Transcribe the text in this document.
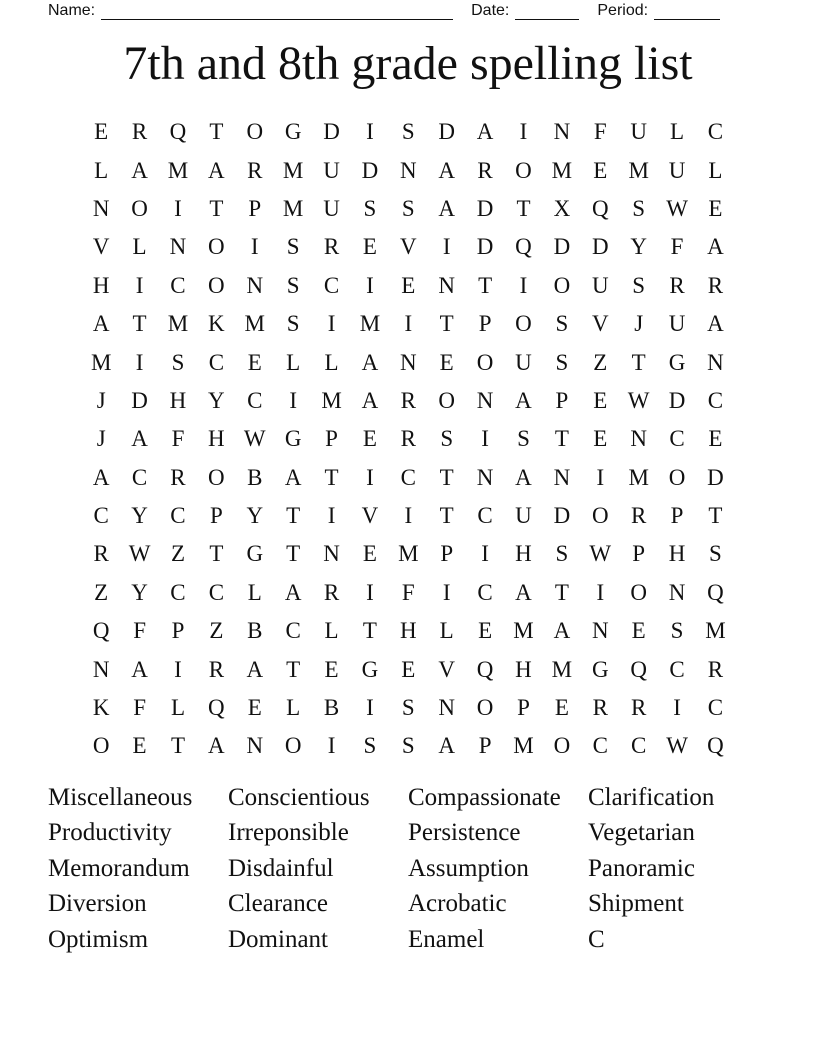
Name:	Date:	Period:
7th and 8th grade spelling list
E	R Q	T	O G D	I	S	D A	I	N	F	U	L	C
L	A M A R M U D N A R O M E M U	L
N O	I	T	P M U	S	S	A D	T	X Q	S W E
V	L	N O	I	S	R	E	V	I	D Q D D Y	F	A
H	I	C O N	S	C	I	E	N	T	I	O U	S	R	R
A	T M K M S	I	M	I	T	P	O	S	V	J	U A
M	I	S	C	E	L	L	A N	E	O U	S	Z	T	G N
J	D H Y C	I	M A R O N A	P	E W D C
J	A	F	H W G	P	E	R	S	I	S	T	E	N C	E
A C	R O B A	T	I	C	T	N A N	I	M O D
C Y C	P	Y	T	I	V	I	T	C U D O R	P	T
R W Z	T	G	T	N	E M P	I	H	S W P	H	S
Z	Y C	C	L	A R	I	F	I	C A	T	I	O N Q
Q	F	P	Z	B	C	L	T	H	L	E M A N	E	S M
N A	I	R A	T	E	G	E	V Q H M G Q C	R
K	F	L	Q	E	L	B	I	S	N O	P	E	R	R	I	C
O	E	T	A N O	I	S	S	A	P M O C	C W Q
Miscellaneous	Conscientious	Compassionate	Clarification
Productivity	Irreponsible	Persistence	Vegetarian
Memorandum	Disdainful	Assumption	Panoramic
Diversion	Clearance	Acrobatic	Shipment
Optimism	Dominant	Enamel	C
